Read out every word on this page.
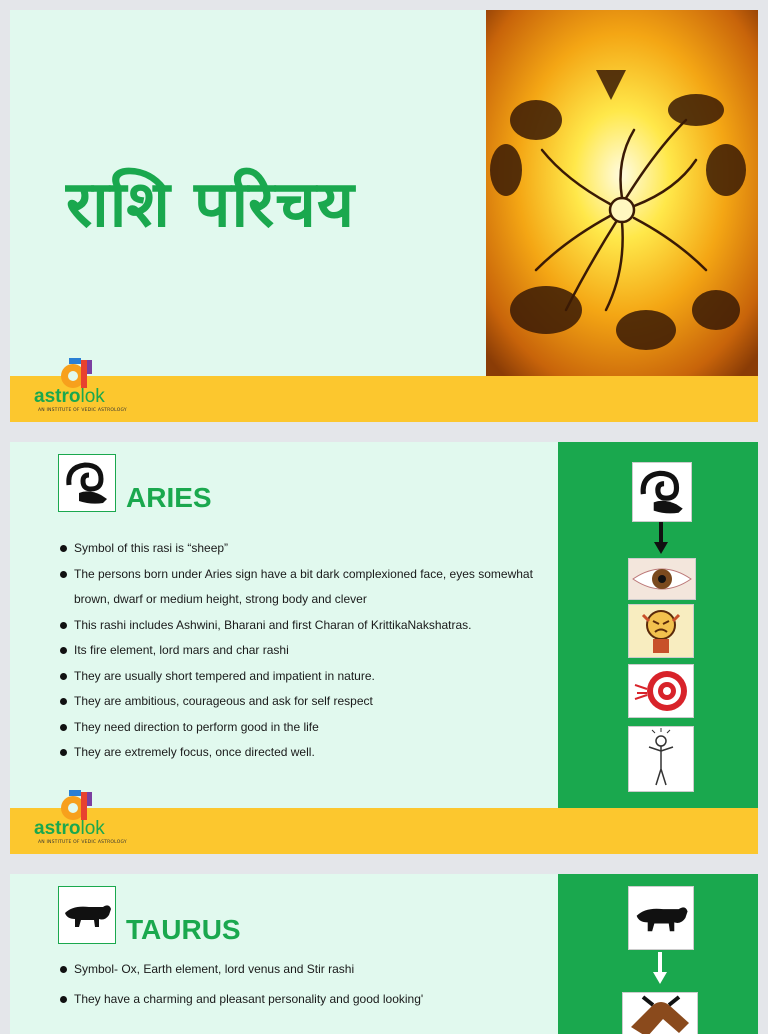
राशि परिचय
astrolok
AN INSTITUTE OF VEDIC ASTROLOGY
ARIES
Symbol of this rasi is “sheep”
The persons born under Aries sign have a bit dark complexioned face, eyes somewhat brown, dwarf or medium height, strong body and clever
This rashi includes Ashwini, Bharani and first Charan of KrittikaNakshatras.
Its fire element, lord mars and char rashi
They are usually short tempered and impatient in nature.
They are ambitious, courageous and ask for self respect
They need direction to perform good in the life
They are extremely focus, once directed well.
astrolok
AN INSTITUTE OF VEDIC ASTROLOGY
TAURUS
Symbol- Ox, Earth element, lord venus and Stir rashi
They have a charming and pleasant personality and good looking'
